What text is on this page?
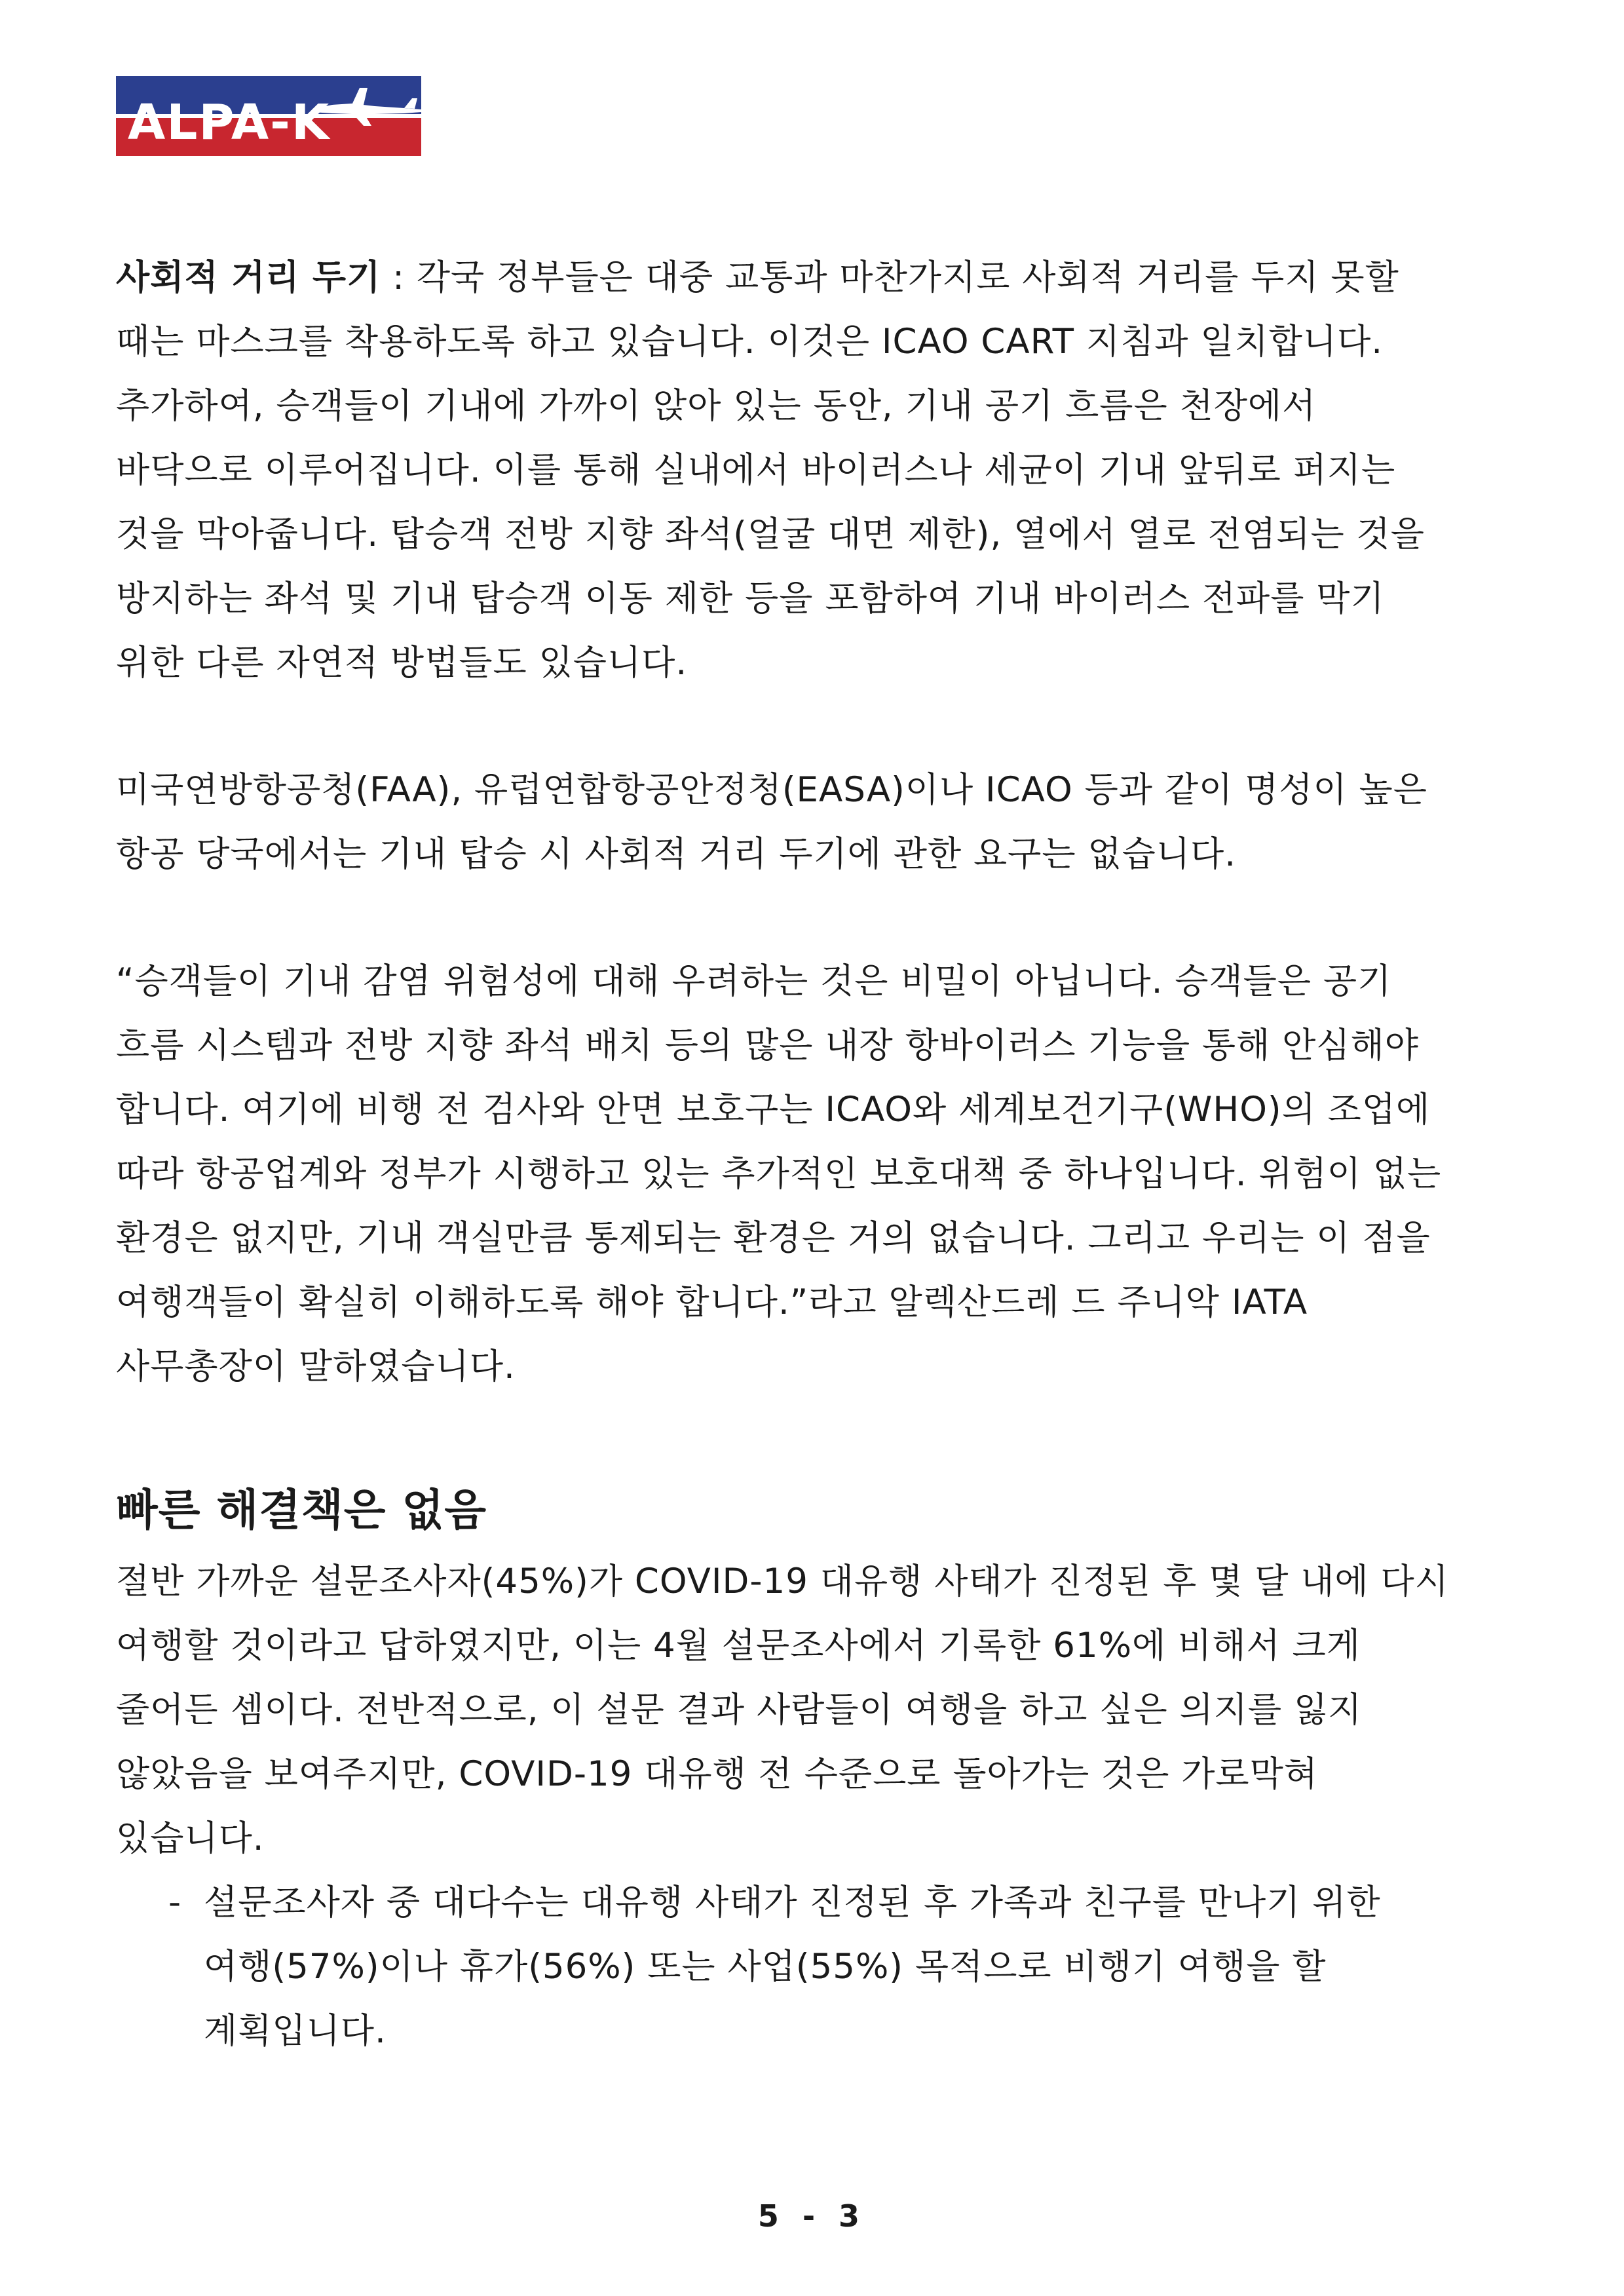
ALPA-K

사회적 거리 두기 : 각국 정부들은 대중 교통과 마찬가지로 사회적 거리를 두지 못할
때는 마스크를 착용하도록 하고 있습니다. 이것은 ICAO CART 지침과 일치합니다.
추가하여, 승객들이 기내에 가까이 앉아 있는 동안, 기내 공기 흐름은 천장에서
바닥으로 이루어집니다. 이를 통해 실내에서 바이러스나 세균이 기내 앞뒤로 퍼지는
것을 막아줍니다. 탑승객 전방 지향 좌석(얼굴 대면 제한), 열에서 열로 전염되는 것을
방지하는 좌석 및 기내 탑승객 이동 제한 등을 포함하여 기내 바이러스 전파를 막기
위한 다른 자연적 방법들도 있습니다.

미국연방항공청(FAA), 유럽연합항공안정청(EASA)이나 ICAO 등과 같이 명성이 높은
항공 당국에서는 기내 탑승 시 사회적 거리 두기에 관한 요구는 없습니다.

“승객들이 기내 감염 위험성에 대해 우려하는 것은 비밀이 아닙니다. 승객들은 공기
흐름 시스템과 전방 지향 좌석 배치 등의 많은 내장 항바이러스 기능을 통해 안심해야
합니다. 여기에 비행 전 검사와 안면 보호구는 ICAO와 세계보건기구(WHO)의 조업에
따라 항공업계와 정부가 시행하고 있는 추가적인 보호대책 중 하나입니다. 위험이 없는
환경은 없지만, 기내 객실만큼 통제되는 환경은 거의 없습니다. 그리고 우리는 이 점을
여행객들이 확실히 이해하도록 해야 합니다.”라고 알렉산드레 드 주니악 IATA
사무총장이 말하였습니다.

빠른 해결책은 없음

절반 가까운 설문조사자(45%)가 COVID-19 대유행 사태가 진정된 후 몇 달 내에 다시
여행할 것이라고 답하였지만, 이는 4월 설문조사에서 기록한 61%에 비해서 크게
줄어든 셈이다. 전반적으로, 이 설문 결과 사람들이 여행을 하고 싶은 의지를 잃지
않았음을 보여주지만, COVID-19 대유행 전 수준으로 돌아가는 것은 가로막혀
있습니다.

- 설문조사자 중 대다수는 대유행 사태가 진정된 후 가족과 친구를 만나기 위한
여행(57%)이나 휴가(56%) 또는 사업(55%) 목적으로 비행기 여행을 할
계획입니다.

5 - 3
